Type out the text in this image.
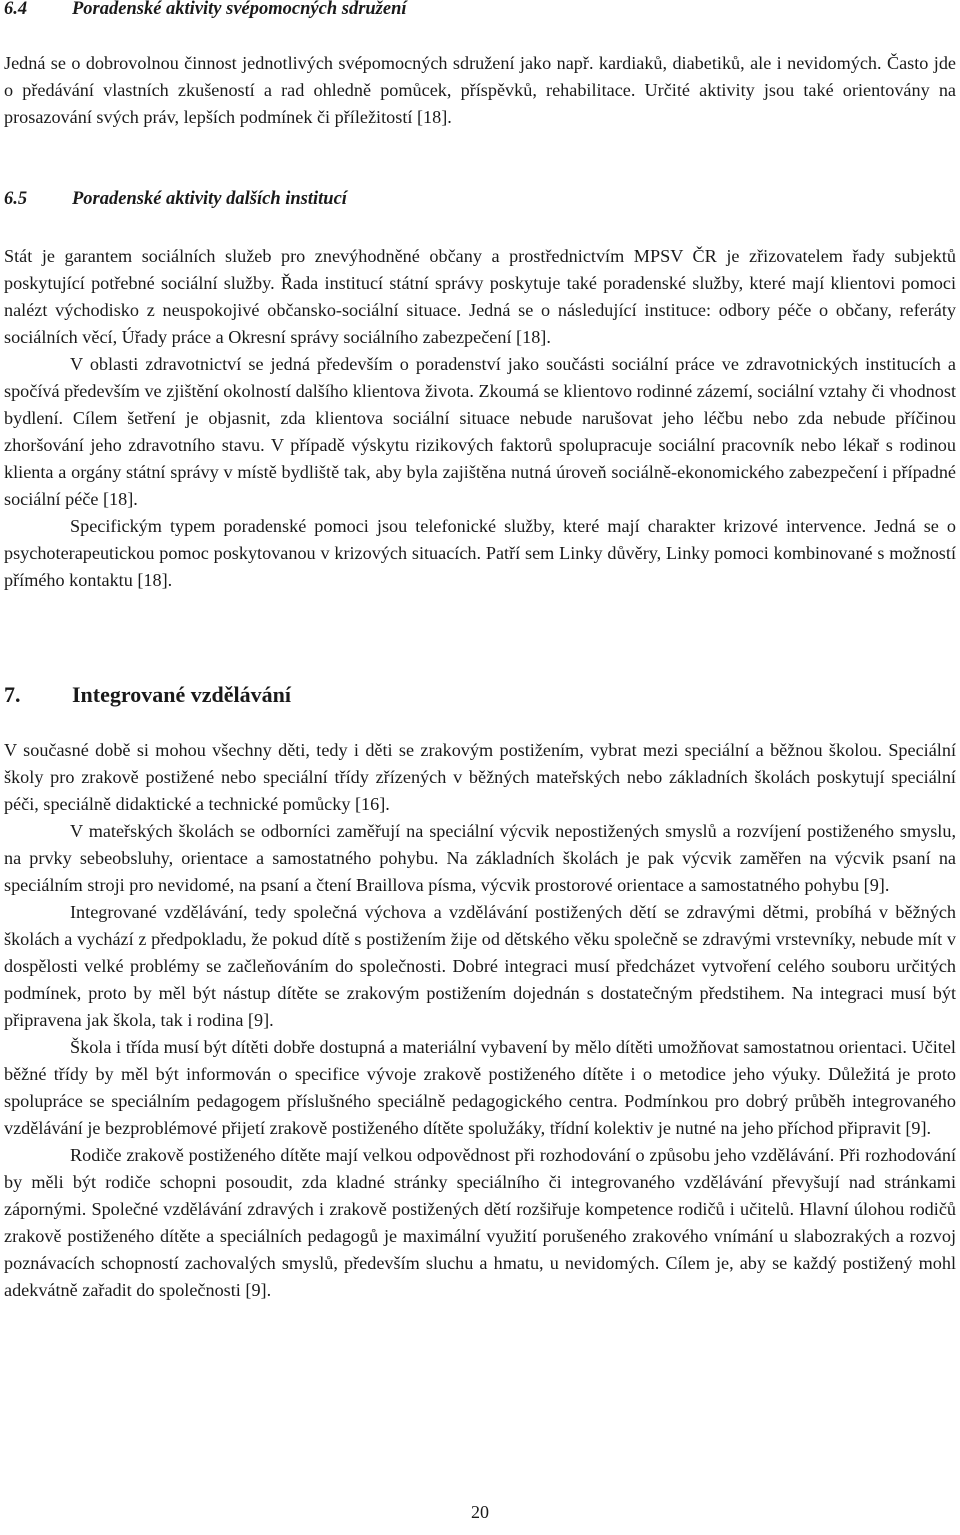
6.4 Poradenské aktivity svépomocných sdružení

Jedná se o dobrovolnou činnost jednotlivých svépomocných sdružení jako např. kardiaků, diabetiků, ale i nevidomých. Často jde o předávání vlastních zkušeností a rad ohledně pomůcek, příspěvků, rehabilitace. Určité aktivity jsou také orientovány na prosazování svých práv, lepších podmínek či příležitostí [18].

6.5 Poradenské aktivity dalších institucí

Stát je garantem sociálních služeb pro znevýhodněné občany a prostřednictvím MPSV ČR je zřizovatelem řady subjektů poskytující potřebné sociální služby. Řada institucí státní správy poskytuje také poradenské služby, které mají klientovi pomoci nalézt východisko z neuspokojivé občansko-sociální situace. Jedná se o následující instituce: odbory péče o občany, referáty sociálních věcí, Úřady práce a Okresní správy sociálního zabezpečení [18].

V oblasti zdravotnictví se jedná především o poradenství jako součásti sociální práce ve zdravotnických institucích a spočívá především ve zjištění okolností dalšího klientova života. Zkoumá se klientovo rodinné zázemí, sociální vztahy či vhodnost bydlení. Cílem šetření je objasnit, zda klientova sociální situace nebude narušovat jeho léčbu nebo zda nebude příčinou zhoršování jeho zdravotního stavu. V případě výskytu rizikových faktorů spolupracuje sociální pracovník nebo lékař s rodinou klienta a orgány státní správy v místě bydliště tak, aby byla zajištěna nutná úroveň sociálně-ekonomického zabezpečení i případné sociální péče [18].

Specifickým typem poradenské pomoci jsou telefonické služby, které mají charakter krizové intervence. Jedná se o psychoterapeutickou pomoc poskytovanou v krizových situacích. Patří sem Linky důvěry, Linky pomoci kombinované s možností přímého kontaktu [18].

7. Integrované vzdělávání

V současné době si mohou všechny děti, tedy i děti se zrakovým postižením, vybrat mezi speciální a běžnou školou. Speciální školy pro zrakově postižené nebo speciální třídy zřízených v běžných mateřských nebo základních školách poskytují speciální péči, speciálně didaktické a technické pomůcky [16].

V mateřských školách se odborníci zaměřují na speciální výcvik nepostižených smyslů a rozvíjení postiženého smyslu, na prvky sebeobsluhy, orientace a samostatného pohybu. Na základních školách je pak výcvik zaměřen na výcvik psaní na speciálním stroji pro nevidomé, na psaní a čtení Braillova písma, výcvik prostorové orientace a samostatného pohybu [9].

Integrované vzdělávání, tedy společná výchova a vzdělávání postižených dětí se zdravými dětmi, probíhá v běžných školách a vychází z předpokladu, že pokud dítě s postižením žije od dětského věku společně se zdravými vrstevníky, nebude mít v dospělosti velké problémy se začleňováním do společnosti. Dobré integraci musí předcházet vytvoření celého souboru určitých podmínek, proto by měl být nástup dítěte se zrakovým postižením dojednán s dostatečným předstihem. Na integraci musí být připravena jak škola, tak i rodina [9].

Škola i třída musí být dítěti dobře dostupná a materiální vybavení by mělo dítěti umožňovat samostatnou orientaci. Učitel běžné třídy by měl být informován o specifice vývoje zrakově postiženého dítěte i o metodice jeho výuky. Důležitá je proto spolupráce se speciálním pedagogem příslušného speciálně pedagogického centra. Podmínkou pro dobrý průběh integrovaného vzdělávání je bezproblémové přijetí zrakově postiženého dítěte spolužáky, třídní kolektiv je nutné na jeho příchod připravit [9].

Rodiče zrakově postiženého dítěte mají velkou odpovědnost při rozhodování o způsobu jeho vzdělávání. Při rozhodování by měli být rodiče schopni posoudit, zda kladné stránky speciálního či integrovaného vzdělávání převyšují nad stránkami zápornými. Společné vzdělávání zdravých i zrakově postižených dětí rozšiřuje kompetence rodičů i učitelů. Hlavní úlohou rodičů zrakově postiženého dítěte a speciálních pedagogů je maximální využití porušeného zrakového vnímání u slabozrakých a rozvoj poznávacích schopností zachovalých smyslů, především sluchu a hmatu, u nevidomých. Cílem je, aby se každý postižený mohl adekvátně zařadit do společnosti [9].

20
